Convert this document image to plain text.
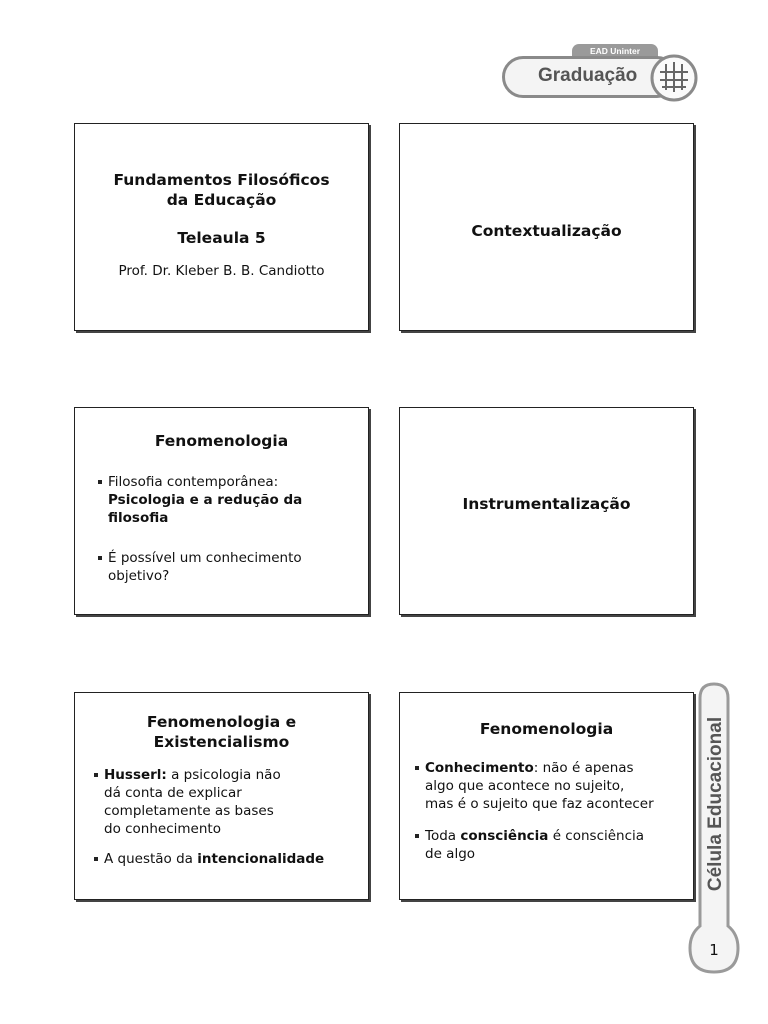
EAD Uninter
Graduação
Fundamentos Filosóficos
da Educação
Teleaula 5
Prof. Dr. Kleber B. B. Candiotto
Contextualização
Fenomenologia
Filosofia contemporânea:
Psicologia e a redução da
filosofia
É possível um conhecimento
objetivo?
Instrumentalização
Fenomenologia e
Existencialismo
Husserl: a psicologia não
dá conta de explicar
completamente as bases
do conhecimento
A questão da intencionalidade
Fenomenologia
Conhecimento: não é apenas
algo que acontece no sujeito,
mas é o sujeito que faz acontecer
Toda consciência é consciência
de algo	Célula Educacional
1
